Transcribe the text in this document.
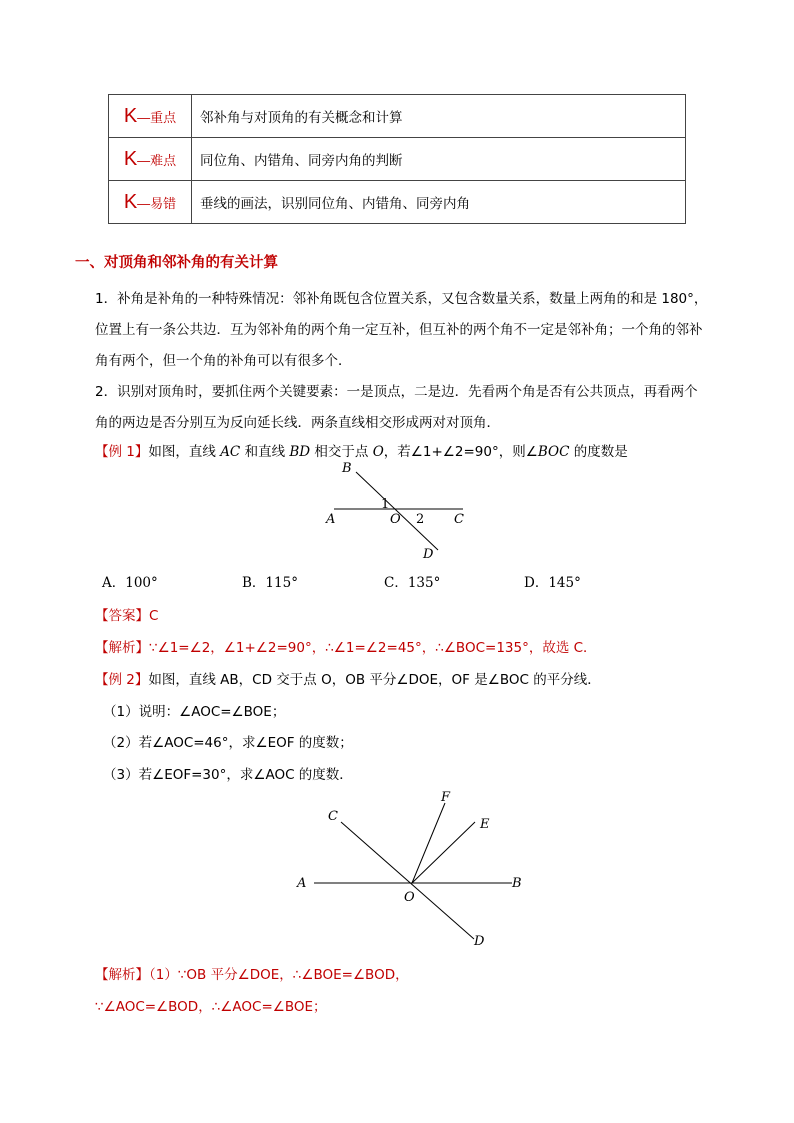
K—重点	邻补角与对顶角的有关概念和计算
K—难点	同位角、内错角、同旁内角的判断
K—易错	垂线的画法，识别同位角、内错角、同旁内角
一、对顶角和邻补角的有关计算
1．补角是补角的一种特殊情况：邻补角既包含位置关系，又包含数量关系，数量上两角的和是 180°，
位置上有一条公共边．互为邻补角的两个角一定互补，但互补的两个角不一定是邻补角；一个角的邻补
角有两个，但一个角的补角可以有很多个．
2．识别对顶角时，要抓住两个关键要素：一是顶点，二是边．先看两个角是否有公共顶点，再看两个
角的两边是否分别互为反向延长线．两条直线相交形成两对对顶角．
【例 1】如图，直线 AC 和直线 BD 相交于点 O，若∠1+∠2=90°，则∠BOC 的度数是
B
A	O	C
D
1
2
A．100°	B．115°	C．135°	D．145°
【答案】C
【解析】∵∠1=∠2，∠1+∠2=90°，∴∠1=∠2=45°，∴∠BOC=135°，故选 C．
【例 2】如图，直线 AB，CD 交于点 O，OB 平分∠DOE，OF 是∠BOC 的平分线．
（1）说明：∠AOC=∠BOE；
（2）若∠AOC=46°，求∠EOF 的度数；
（3）若∠EOF=30°，求∠AOC 的度数．
C
F
E
A	B
O
D
【解析】（1）∵OB 平分∠DOE，∴∠BOE=∠BOD，
∵∠AOC=∠BOD，∴∠AOC=∠BOE；
